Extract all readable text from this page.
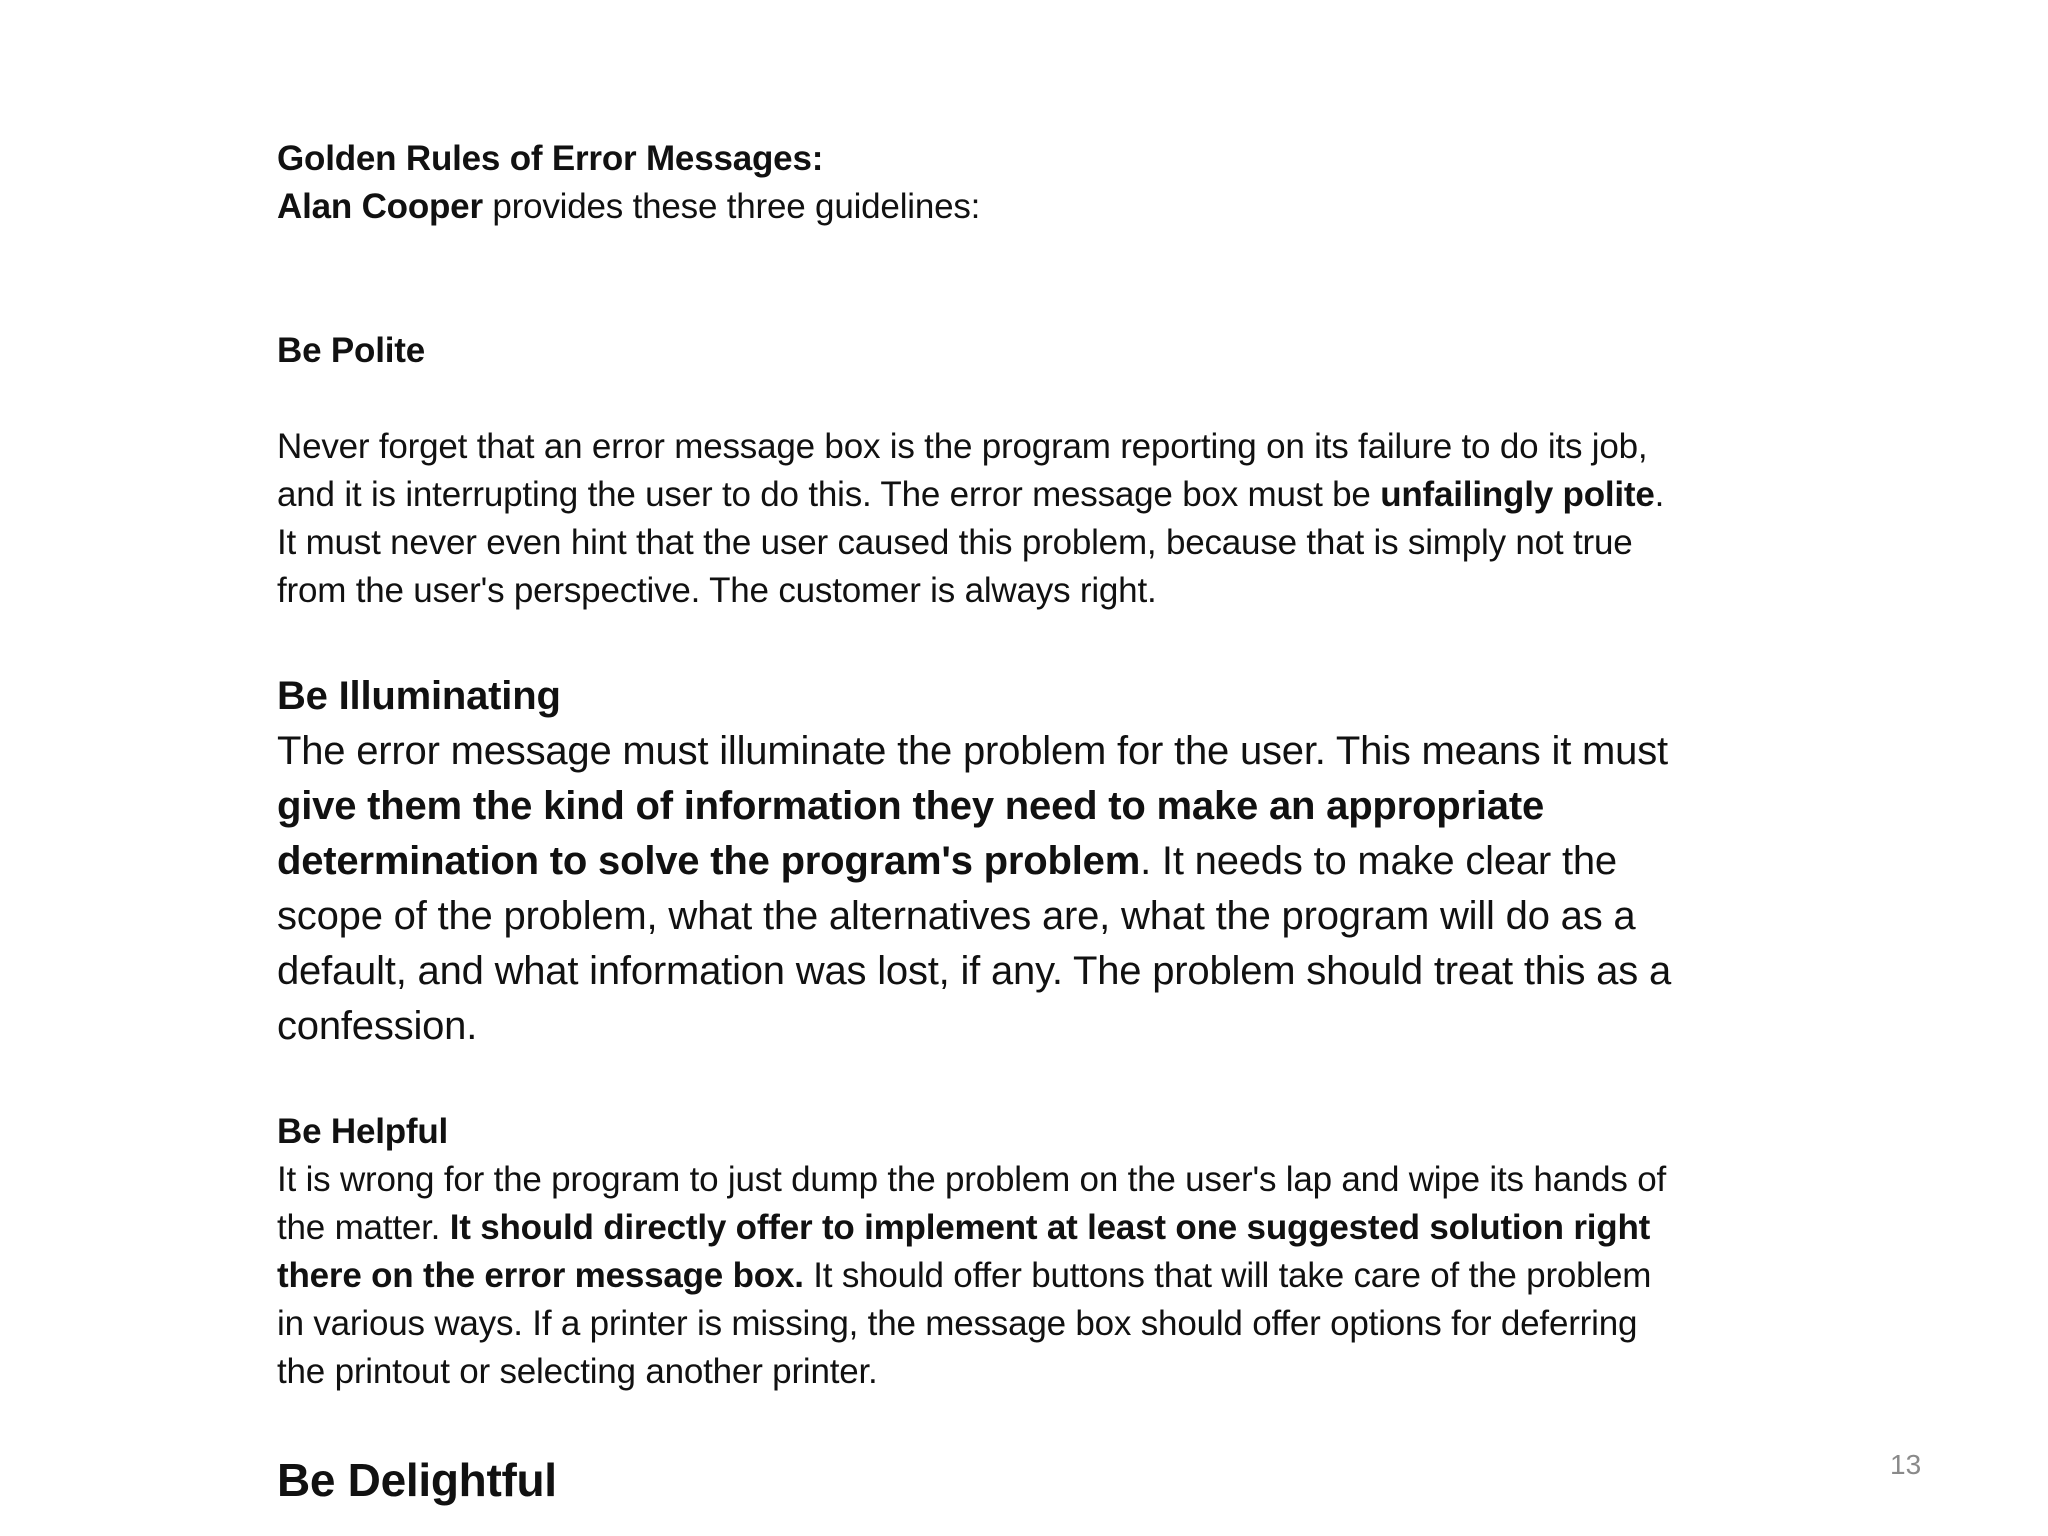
Golden Rules of Error Messages:

Alan Cooper provides these three guidelines:

Be Polite

Never forget that an error message box is the program reporting on its failure to do its job, and it is interrupting the user to do this. The error message box must be unfailingly polite. It must never even hint that the user caused this problem, because that is simply not true from the user's perspective. The customer is always right.

Be Illuminating

The error message must illuminate the problem for the user. This means it must give them the kind of information they need to make an appropriate determination to solve the program's problem. It needs to make clear the scope of the problem, what the alternatives are, what the program will do as a default, and what information was lost, if any. The problem should treat this as a confession.

Be Helpful

It is wrong for the program to just dump the problem on the user's lap and wipe its hands of the matter. It should directly offer to implement at least one suggested solution right there on the error message box. It should offer buttons that will take care of the problem in various ways. If a printer is missing, the message box should offer options for deferring the printout or selecting another printer.

Be Delightful	13
